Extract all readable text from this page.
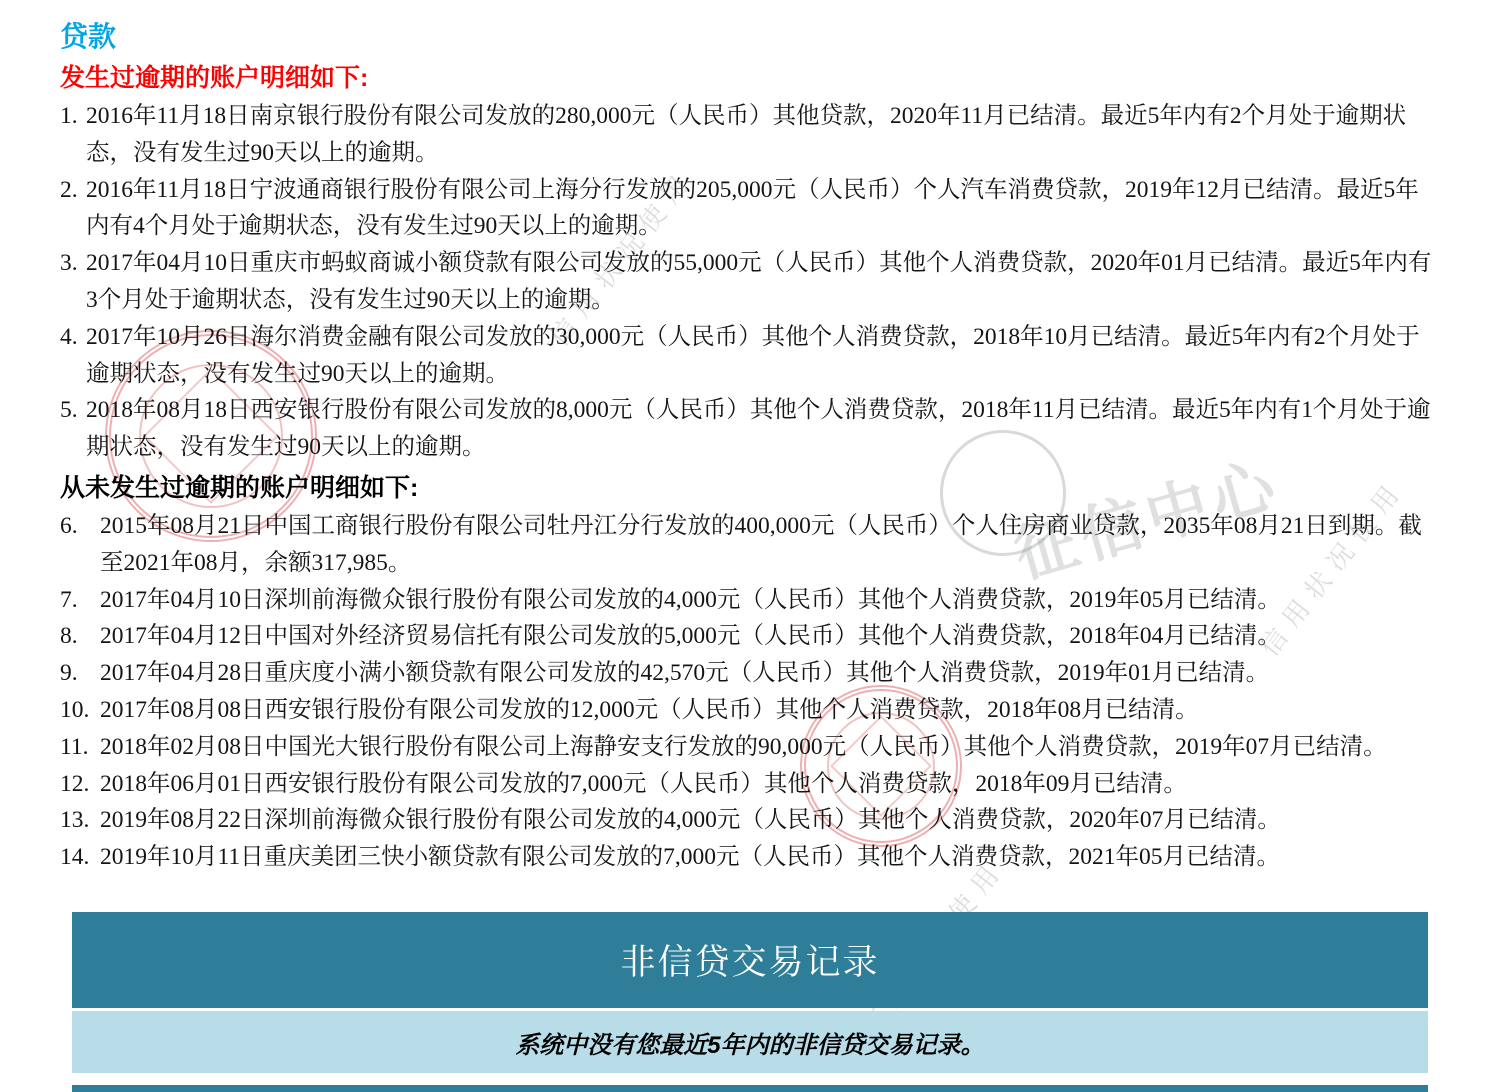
信用状况使用
信用状况使用
征信中心
贷款
发生过逾期的账户明细如下:
1. 2016年11月18日南京银行股份有限公司发放的280,000元（人民币）其他贷款，2020年11月已结清。最近5年内有2个月处于逾期状态，没有发生过90天以上的逾期。
2. 2016年11月18日宁波通商银行股份有限公司上海分行发放的205,000元（人民币）个人汽车消费贷款，2019年12月已结清。最近5年内有4个月处于逾期状态，没有发生过90天以上的逾期。
3. 2017年04月10日重庆市蚂蚁商诚小额贷款有限公司发放的55,000元（人民币）其他个人消费贷款，2020年01月已结清。最近5年内有3个月处于逾期状态，没有发生过90天以上的逾期。
4. 2017年10月26日海尔消费金融有限公司发放的30,000元（人民币）其他个人消费贷款，2018年10月已结清。最近5年内有2个月处于逾期状态，没有发生过90天以上的逾期。
5. 2018年08月18日西安银行股份有限公司发放的8,000元（人民币）其他个人消费贷款，2018年11月已结清。最近5年内有1个月处于逾期状态，没有发生过90天以上的逾期。
从未发生过逾期的账户明细如下:
6. 2015年08月21日中国工商银行股份有限公司牡丹江分行发放的400,000元（人民币）个人住房商业贷款，2035年08月21日到期。截至2021年08月，余额317,985。
7. 2017年04月10日深圳前海微众银行股份有限公司发放的4,000元（人民币）其他个人消费贷款，2019年05月已结清。
8. 2017年04月12日中国对外经济贸易信托有限公司发放的5,000元（人民币）其他个人消费贷款，2018年04月已结清。
9. 2017年04月28日重庆度小满小额贷款有限公司发放的42,570元（人民币）其他个人消费贷款，2019年01月已结清。
10. 2017年08月08日西安银行股份有限公司发放的12,000元（人民币）其他个人消费贷款，2018年08月已结清。
11. 2018年02月08日中国光大银行股份有限公司上海静安支行发放的90,000元（人民币）其他个人消费贷款，2019年07月已结清。
12. 2018年06月01日西安银行股份有限公司发放的7,000元（人民币）其他个人消费贷款，2018年09月已结清。
13. 2019年08月22日深圳前海微众银行股份有限公司发放的4,000元（人民币）其他个人消费贷款，2020年07月已结清。
14. 2019年10月11日重庆美团三快小额贷款有限公司发放的7,000元（人民币）其他个人消费贷款，2021年05月已结清。
非信贷交易记录
系统中没有您最近5年内的非信贷交易记录。
